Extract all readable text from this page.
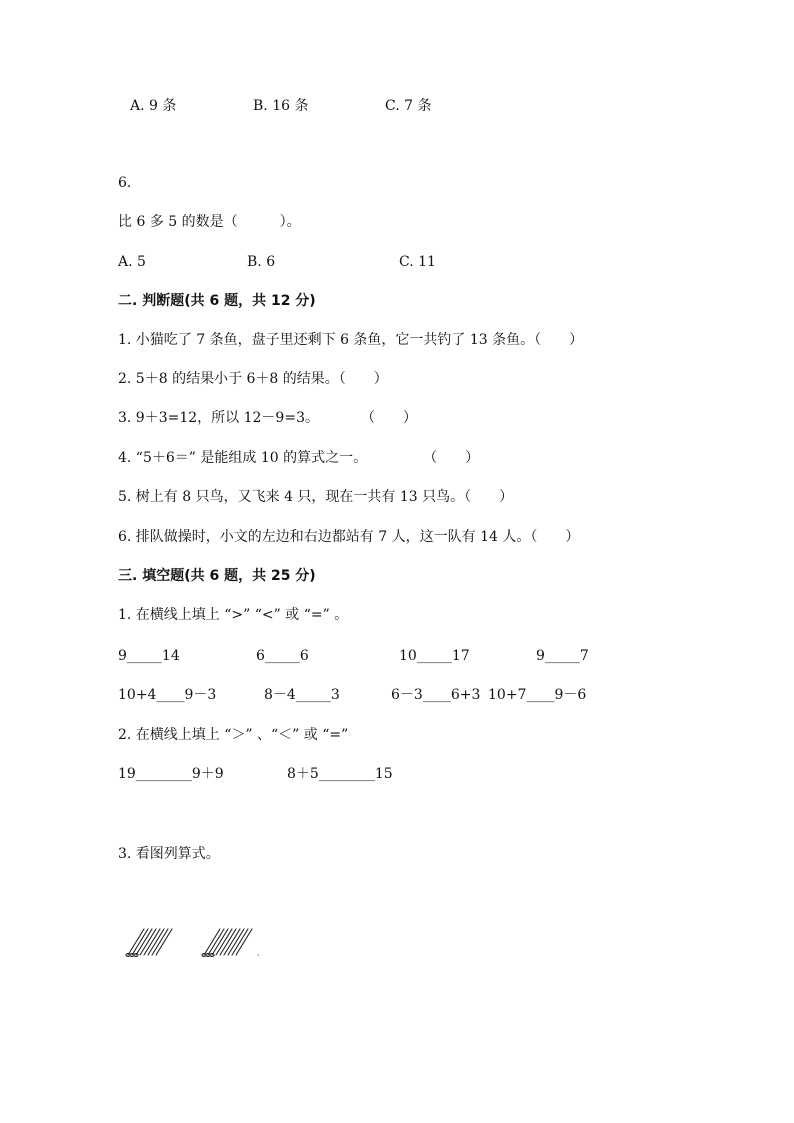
A. 9 条	B. 16 条	C. 7 条
6.
比 6 多 5 的数是（　　　）。
A. 5	B. 6	C. 11
二. 判断题(共 6 题，共 12 分)
1. 小猫吃了 7 条鱼，盘子里还剩下 6 条鱼，它一共钓了 13 条鱼。（　　）
2. 5＋8 的结果小于 6＋8 的结果。（　　）
3. 9＋3=12，所以 12－9=3。　　　　（　　）
4. “5＋6＝” 是能组成 10 的算式之一。　　　　　（　　）
5. 树上有 8 只鸟，又飞来 4 只，现在一共有 13 只鸟。（　　）
6. 排队做操时，小文的左边和右边都站有 7 人，这一队有 14 人。（　　）
三. 填空题(共 6 题，共 25 分)
1. 在横线上填上 “>” “<” 或 “=” 。
9_____14	6_____6	10_____17	9_____7
10+4____9－3	8－4_____3	6－3____6+3 10+7____9－6
2. 在横线上填上 “＞” 、“＜” 或 “=”
19________9＋9	8＋5________15
3. 看图列算式。
·
